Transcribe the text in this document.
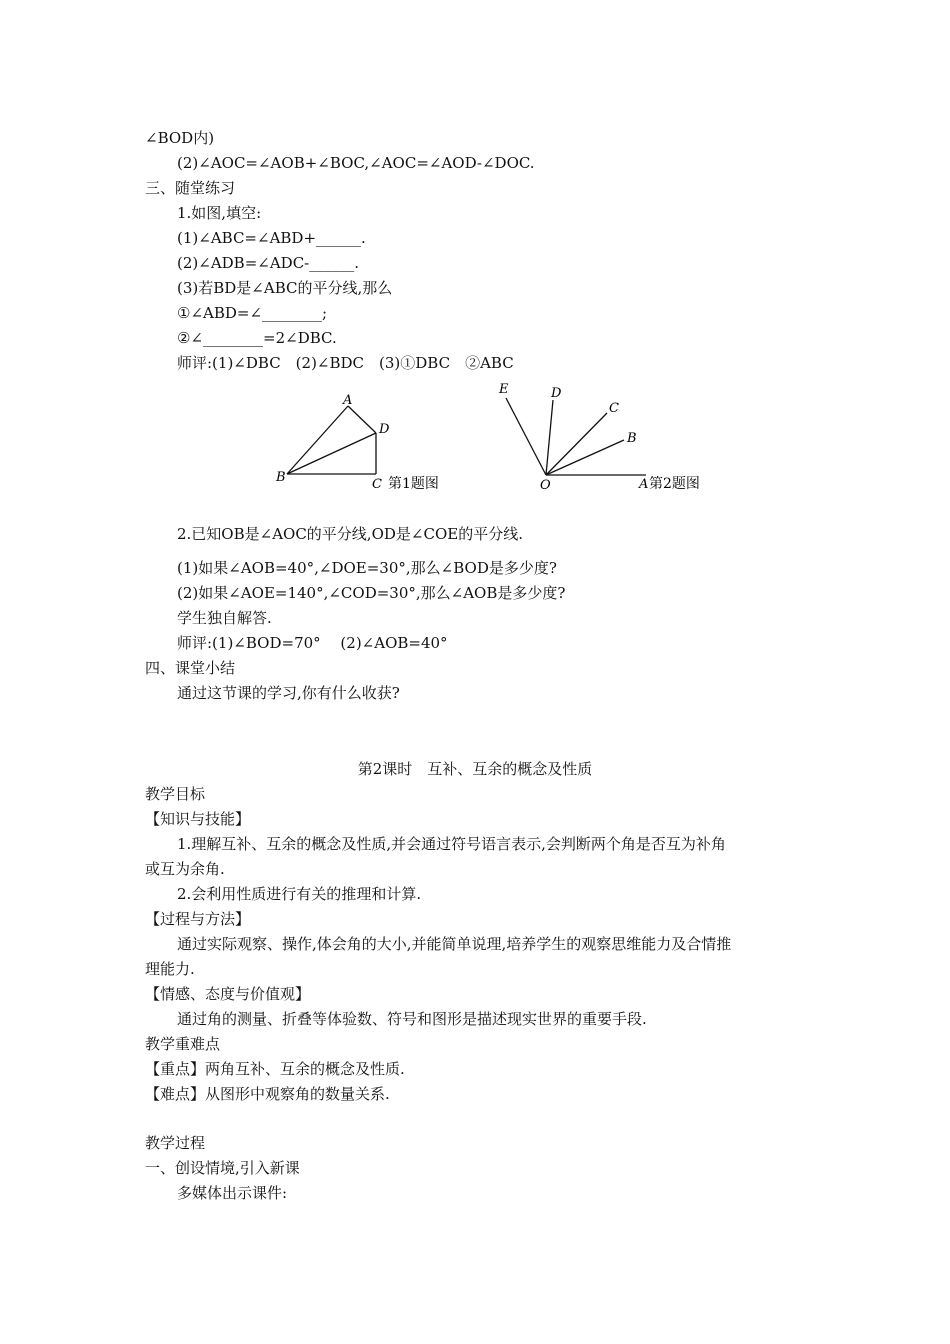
∠BOD内)
(2)∠AOC=∠AOB+∠BOC,∠AOC=∠AOD-∠DOC.
三、随堂练习
1.如图,填空:
(1)∠ABC=∠ABD+______.
(2)∠ADB=∠ADC-______.
(3)若BD是∠ABC的平分线,那么
①∠ABD=∠________;
②∠________=2∠DBC.
师评:(1)∠DBC　(2)∠BDC　(3)①DBC　②ABC
A
D
B	C 第1题图
E	D
C
B
O	A 第2题图
2.已知OB是∠AOC的平分线,OD是∠COE的平分线.
(1)如果∠AOB=40°,∠DOE=30°,那么∠BOD是多少度?
(2)如果∠AOE=140°,∠COD=30°,那么∠AOB是多少度?
学生独自解答.
师评:(1)∠BOD=70°　 (2)∠AOB=40°
四、课堂小结
通过这节课的学习,你有什么收获?
第2课时　互补、互余的概念及性质
教学目标
【知识与技能】
1.理解互补、互余的概念及性质,并会通过符号语言表示,会判断两个角是否互为补角
或互为余角.
2.会利用性质进行有关的推理和计算.
【过程与方法】
通过实际观察、操作,体会角的大小,并能简单说理,培养学生的观察思维能力及合情推
理能力.
【情感、态度与价值观】
通过角的测量、折叠等体验数、符号和图形是描述现实世界的重要手段.
教学重难点
【重点】两角互补、互余的概念及性质.
【难点】从图形中观察角的数量关系.
教学过程
一、创设情境,引入新课
多媒体出示课件:
